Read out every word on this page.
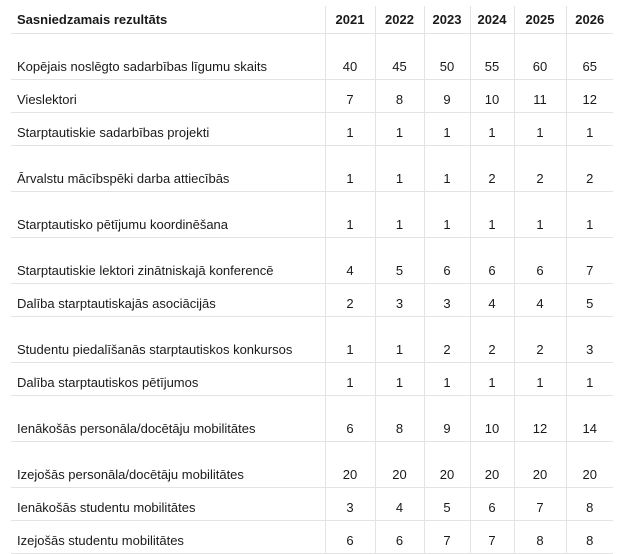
Sasniedzamais rezultāts	2021	2022	2023	2024	2025	2026
Kopējais noslēgto sadarbības līgumu skaits	40	45	50	55	60	65
Vieslektori	7	8	9	10	11	12
Starptautiskie sadarbības projekti	1	1	1	1	1	1
Ārvalstu mācībspēki darba attiecībās	1	1	1	2	2	2
Starptautisko pētījumu koordinēšana	1	1	1	1	1	1
Starptautiskie lektori zinātniskajā konferencē	4	5	6	6	6	7
Dalība starptautiskajās asociācijās	2	3	3	4	4	5
Studentu piedalīšanās starptautiskos konkursos	1	1	2	2	2	3
Dalība starptautiskos pētījumos	1	1	1	1	1	1
Ienākošās personāla/docētāju mobilitātes	6	8	9	10	12	14
Izejošās personāla/docētāju mobilitātes	20	20	20	20	20	20
Ienākošās studentu mobilitātes	3	4	5	6	7	8
Izejošās studentu mobilitātes	6	6	7	7	8	8
